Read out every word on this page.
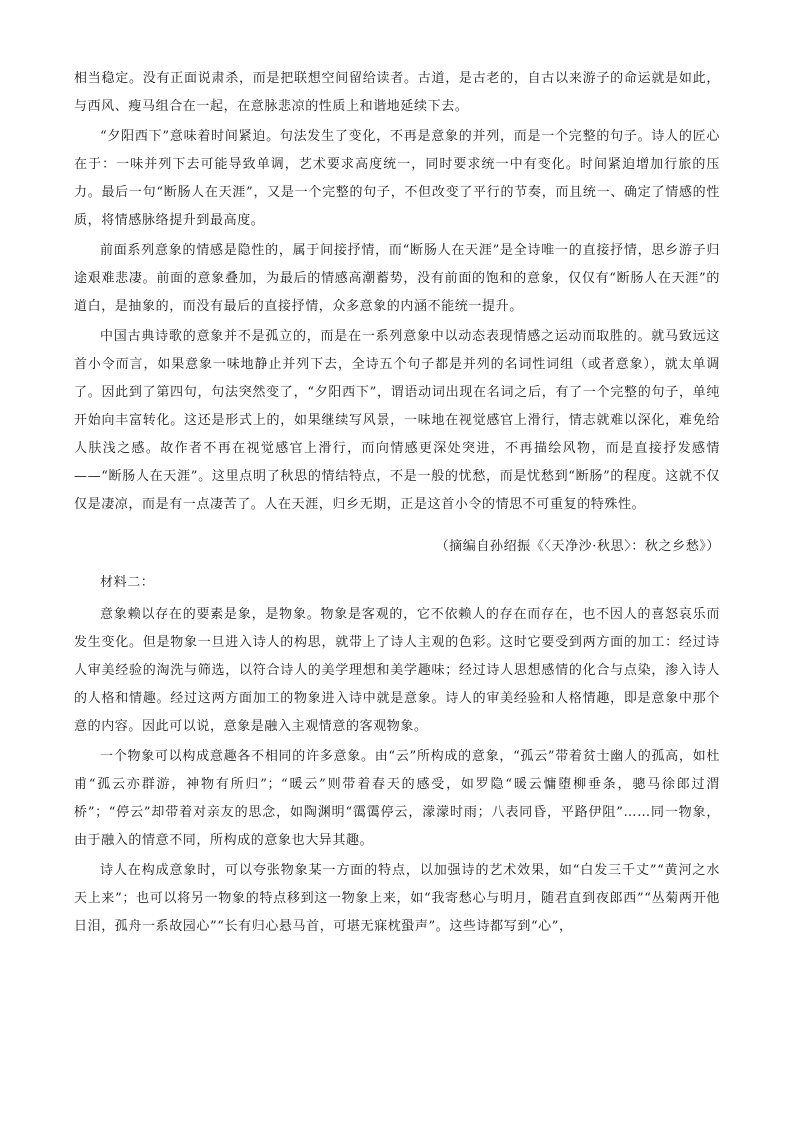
相当稳定。没有正面说肃杀，而是把联想空间留给读者。古道，是古老的，自古以来游子的命运就是如此，与西风、瘦马组合在一起，在意脉悲凉的性质上和谐地延续下去。

“夕阳西下”意味着时间紧迫。句法发生了变化，不再是意象的并列，而是一个完整的句子。诗人的匠心在于：一味并列下去可能导致单调，艺术要求高度统一，同时要求统一中有变化。时间紧迫增加行旅的压力。最后一句“断肠人在天涯”，又是一个完整的句子，不但改变了平行的节奏，而且统一、确定了情感的性质，将情感脉络提升到最高度。

前面系列意象的情感是隐性的，属于间接抒情，而“断肠人在天涯”是全诗唯一的直接抒情，思乡游子归途艰难悲凄。前面的意象叠加，为最后的情感高潮蓄势，没有前面的饱和的意象，仅仅有“断肠人在天涯”的道白，是抽象的，而没有最后的直接抒情，众多意象的内涵不能统一提升。

中国古典诗歌的意象并不是孤立的，而是在一系列意象中以动态表现情感之运动而取胜的。就马致远这首小令而言，如果意象一味地静止并列下去，全诗五个句子都是并列的名词性词组（或者意象），就太单调了。因此到了第四句，句法突然变了，“夕阳西下”，谓语动词出现在名词之后，有了一个完整的句子，单纯开始向丰富转化。这还是形式上的，如果继续写风景，一味地在视觉感官上滑行，情志就难以深化，难免给人肤浅之感。故作者不再在视觉感官上滑行，而向情感更深处突进，不再描绘风物，而是直接抒发感情——“断肠人在天涯”。这里点明了秋思的情结特点，不是一般的忧愁，而是忧愁到“断肠”的程度。这就不仅仅是凄凉，而是有一点凄苦了。人在天涯，归乡无期，正是这首小令的情思不可重复的特殊性。

（摘编自孙绍振《〈天净沙·秋思〉：秋之乡愁》）

材料二：

意象赖以存在的要素是象，是物象。物象是客观的，它不依赖人的存在而存在，也不因人的喜怒哀乐而发生变化。但是物象一旦进入诗人的构思，就带上了诗人主观的色彩。这时它要受到两方面的加工：经过诗人审美经验的淘洗与筛选，以符合诗人的美学理想和美学趣味；经过诗人思想感情的化合与点染，渗入诗人的人格和情趣。经过这两方面加工的物象进入诗中就是意象。诗人的审美经验和人格情趣，即是意象中那个意的内容。因此可以说，意象是融入主观情意的客观物象。

一个物象可以构成意趣各不相同的许多意象。由“云”所构成的意象，“孤云”带着贫士幽人的孤高，如杜甫“孤云亦群游，神物有所归”；“暖云”则带着春天的感受，如罗隐“暖云慵堕柳垂条，骢马徐郎过渭桥”；“停云”却带着对亲友的思念，如陶渊明“霭霭停云，濛濛时雨；八表同昏，平路伊阻”……同一物象，由于融入的情意不同，所构成的意象也大异其趣。

诗人在构成意象时，可以夸张物象某一方面的特点，以加强诗的艺术效果，如“白发三千丈”“黄河之水天上来”；也可以将另一物象的特点移到这一物象上来，如“我寄愁心与明月，随君直到夜郎西”“丛菊两开他日泪，孤舟一系故园心”“长有归心悬马首，可堪无寐枕蛩声”。这些诗都写到“心”，
